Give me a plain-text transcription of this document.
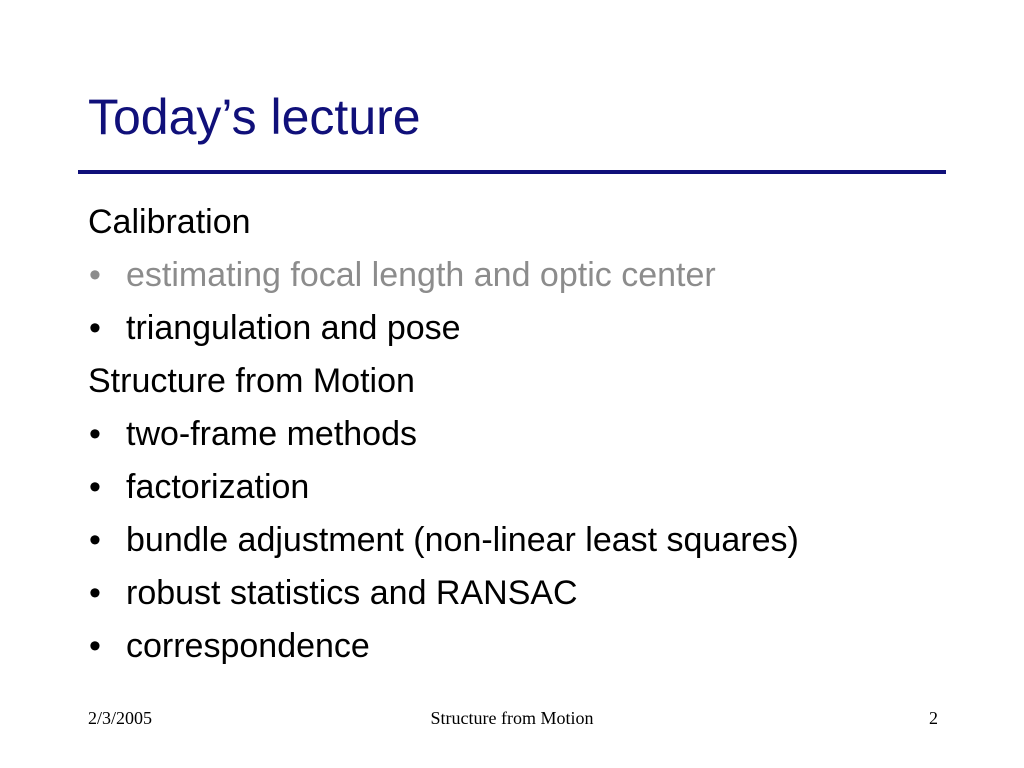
Today’s lecture
Calibration
• estimating focal length and optic center
• triangulation and pose
Structure from Motion
• two-frame methods
• factorization
• bundle adjustment (non-linear least squares)
• robust statistics and RANSAC
• correspondence
2/3/2005	Structure from Motion	2
